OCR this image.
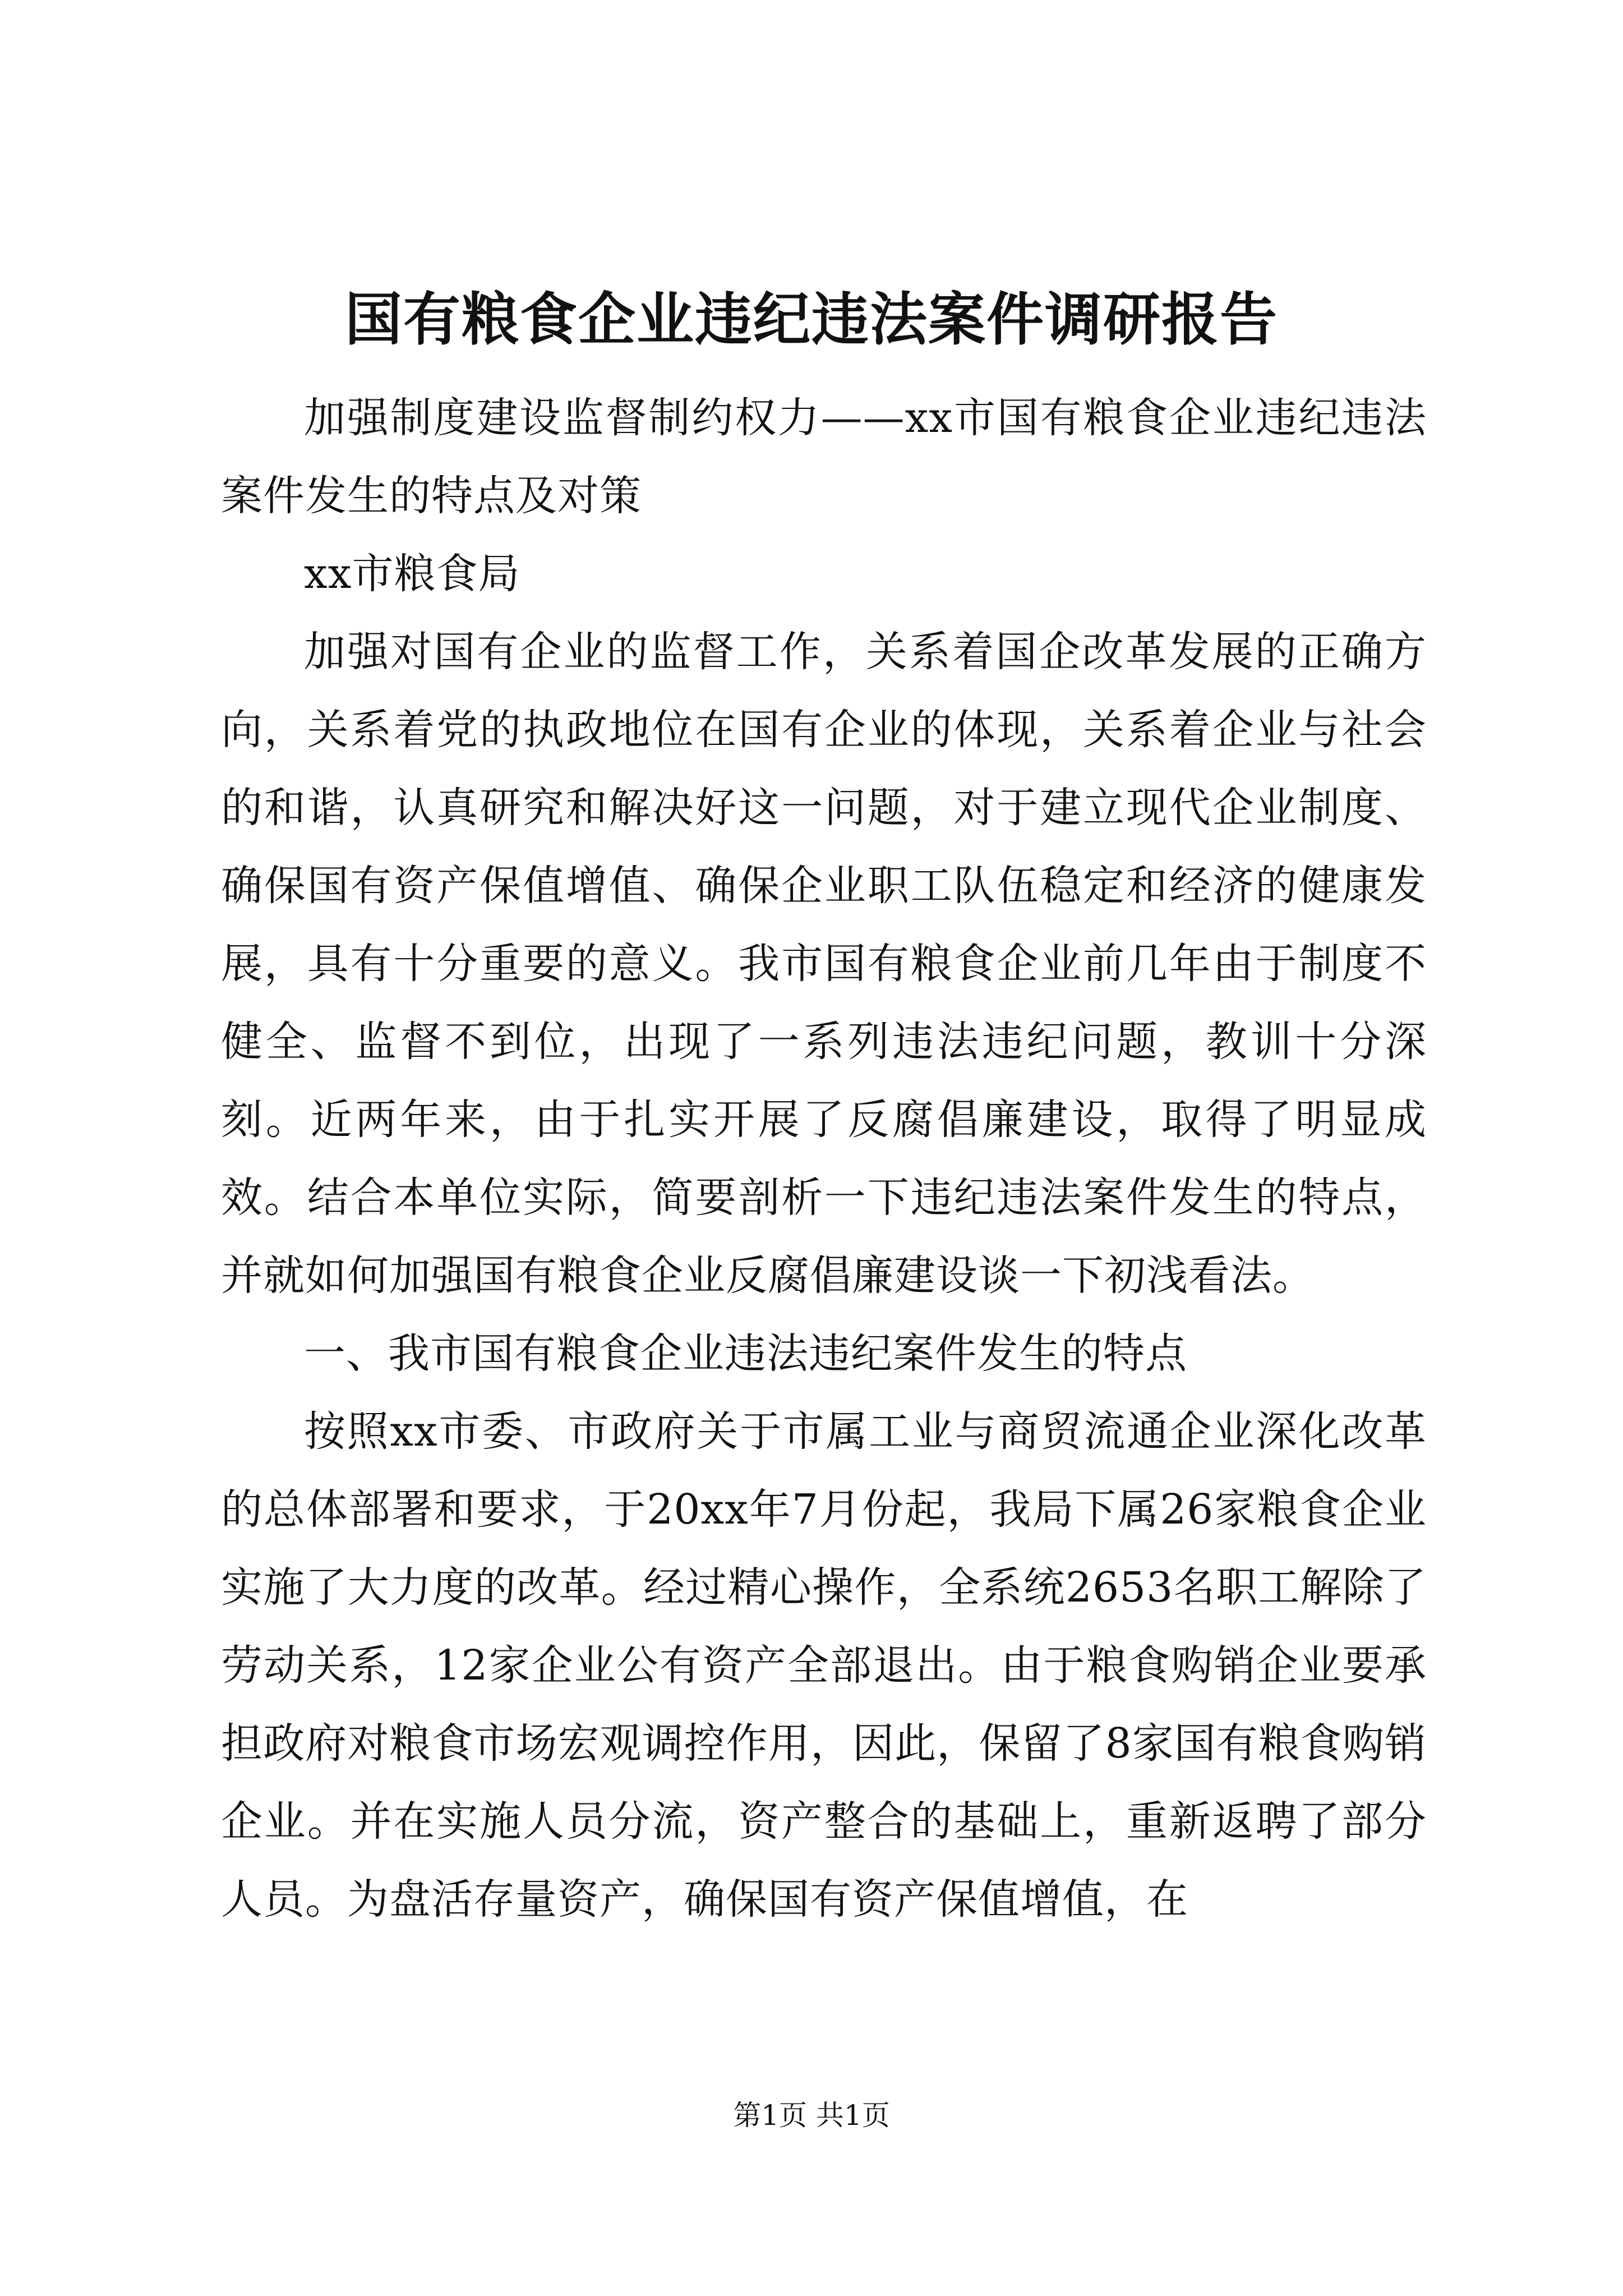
国有粮食企业违纪违法案件调研报告

加强制度建设监督制约权力——xx市国有粮食企业违纪违法案件发生的特点及对策

xx市粮食局

加强对国有企业的监督工作，关系着国企改革发展的正确方向，关系着党的执政地位在国有企业的体现，关系着企业与社会的和谐，认真研究和解决好这一问题，对于建立现代企业制度、确保国有资产保值增值、确保企业职工队伍稳定和经济的健康发展，具有十分重要的意义。我市国有粮食企业前几年由于制度不健全、监督不到位，出现了一系列违法违纪问题，教训十分深刻。近两年来，由于扎实开展了反腐倡廉建设，取得了明显成效。结合本单位实际，简要剖析一下违纪违法案件发生的特点，并就如何加强国有粮食企业反腐倡廉建设谈一下初浅看法。

一、我市国有粮食企业违法违纪案件发生的特点

按照xx市委、市政府关于市属工业与商贸流通企业深化改革的总体部署和要求，于20xx年7月份起，我局下属26家粮食企业实施了大力度的改革。经过精心操作，全系统2653名职工解除了劳动关系，12家企业公有资产全部退出。由于粮食购销企业要承担政府对粮食市场宏观调控作用，因此，保留了8家国有粮食购销企业。并在实施人员分流，资产整合的基础上，重新返聘了部分人员。为盘活存量资产，确保国有资产保值增值，在

第1页 共1页
